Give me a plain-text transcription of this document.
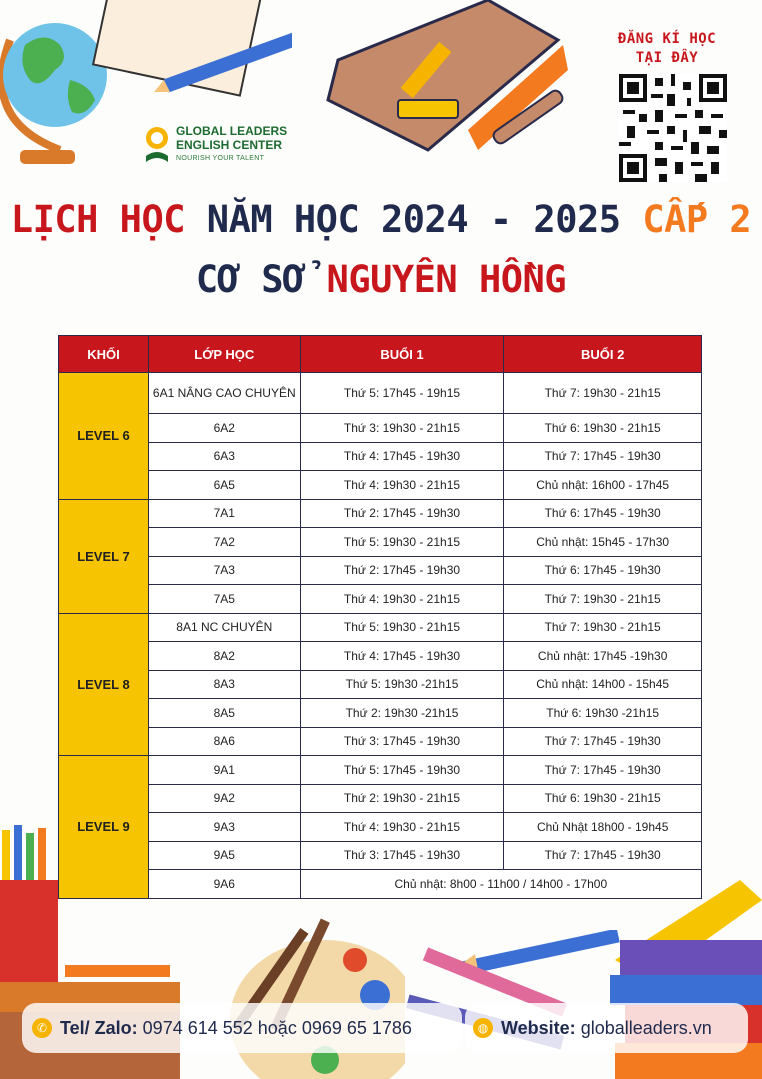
GLOBAL LEADERS
ENGLISH CENTER
NOURISH YOUR TALENT
ĐĂNG KÍ HỌC
TẠI ĐÂY
LỊCH HỌC NĂM HỌC 2024 - 2025 CẤP 2
CƠ SỞ NGUYÊN HỒNG
KHỐI	LỚP HỌC	BUỔI 1	BUỔI 2
LEVEL 6	6A1 NÂNG CAO CHUYÊN	Thứ 5: 17h45 - 19h15	Thứ 7: 19h30 - 21h15
	6A2	Thứ 3: 19h30 - 21h15	Thứ 6: 19h30 - 21h15
	6A3	Thứ 4: 17h45 - 19h30	Thứ 7: 17h45 - 19h30
	6A5	Thứ 4: 19h30 - 21h15	Chủ nhật: 16h00 - 17h45
LEVEL 7	7A1	Thứ 2: 17h45 - 19h30	Thứ 6: 17h45 - 19h30
	7A2	Thứ 5: 19h30 - 21h15	Chủ nhật: 15h45 - 17h30
	7A3	Thứ 2: 17h45 - 19h30	Thứ 6: 17h45 - 19h30
	7A5	Thứ 4: 19h30 - 21h15	Thứ 7: 19h30 - 21h15
LEVEL 8	8A1 NC CHUYÊN	Thứ 5: 19h30 - 21h15	Thứ 7: 19h30 - 21h15
	8A2	Thứ 4: 17h45 - 19h30	Chủ nhật: 17h45 -19h30
	8A3	Thứ 5: 19h30 -21h15	Chủ nhật: 14h00 - 15h45
	8A5	Thứ 2: 19h30 -21h15	Thứ 6: 19h30 -21h15
	8A6	Thứ 3: 17h45 - 19h30	Thứ 7: 17h45 - 19h30
LEVEL 9	9A1	Thứ 5: 17h45 - 19h30	Thứ 7: 17h45 - 19h30
	9A2	Thứ 2: 19h30 - 21h15	Thứ 6: 19h30 - 21h15
	9A3	Thứ 4: 19h30 - 21h15	Chủ Nhật 18h00 - 19h45
	9A5	Thứ 3: 17h45 - 19h30	Thứ 7: 17h45 - 19h30
	9A6	Chủ nhật: 8h00 - 11h00 / 14h00 - 17h00	
✆ Tel/ Zalo: 0974 614 552 hoặc 0969 65 1786	◍ Website: globalleaders.vn
